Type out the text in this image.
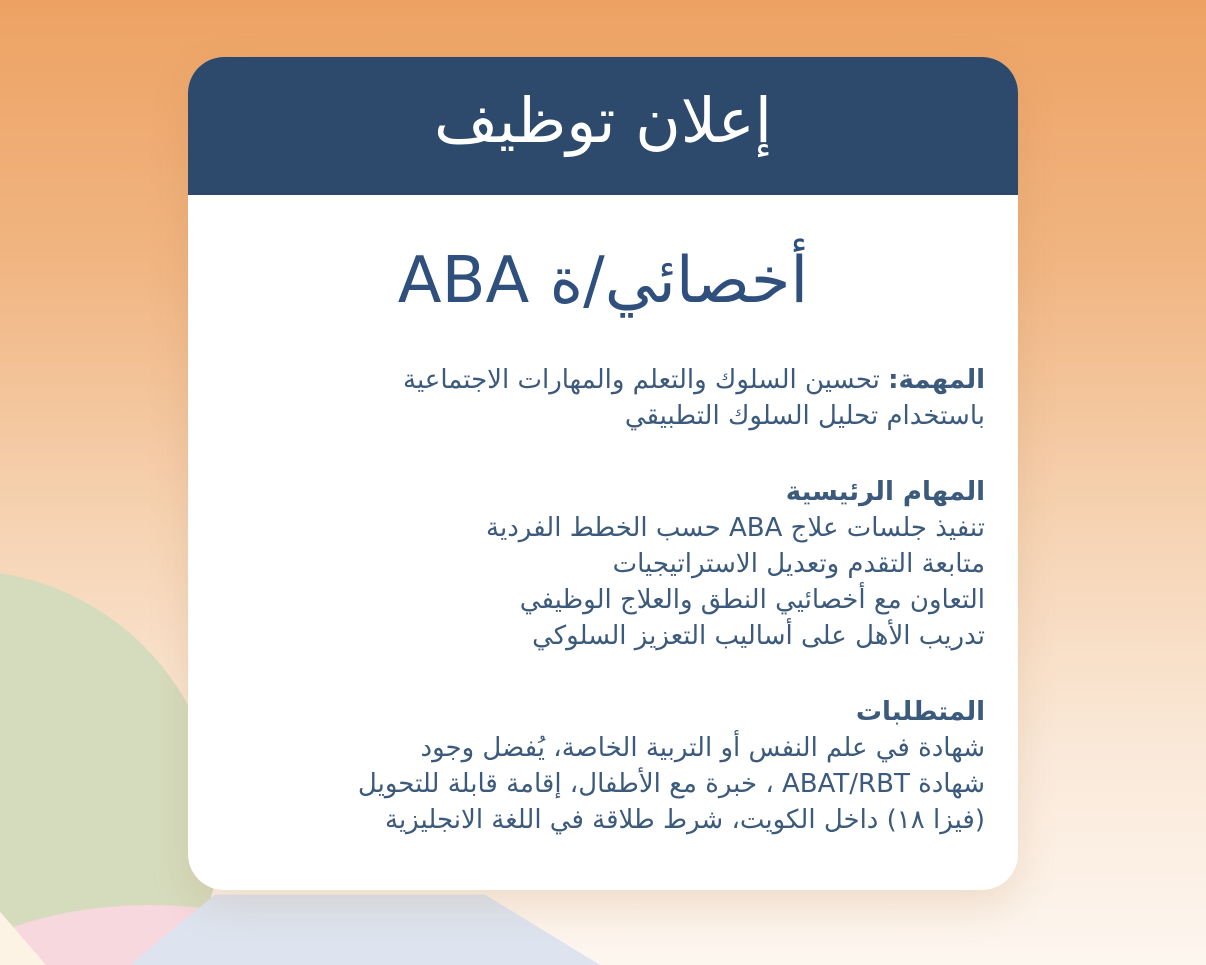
إعلان توظيف
أخصائي/ة ABA

المهمة: تحسين السلوك والتعلم والمهارات الاجتماعية

باستخدام تحليل السلوك التطبيقي

المهام الرئيسية

تنفيذ جلسات علاج ABA حسب الخطط الفردية

متابعة التقدم وتعديل الاستراتيجيات

التعاون مع أخصائيي النطق والعلاج الوظيفي

تدريب الأهل على أساليب التعزيز السلوكي

المتطلبات

شهادة في علم النفس أو التربية الخاصة، يُفضل وجود

شهادة ABAT/RBT ، خبرة مع الأطفال، إقامة قابلة للتحويل

(فيزا ١٨) داخل الكويت، شرط طلاقة في اللغة الانجليزية
